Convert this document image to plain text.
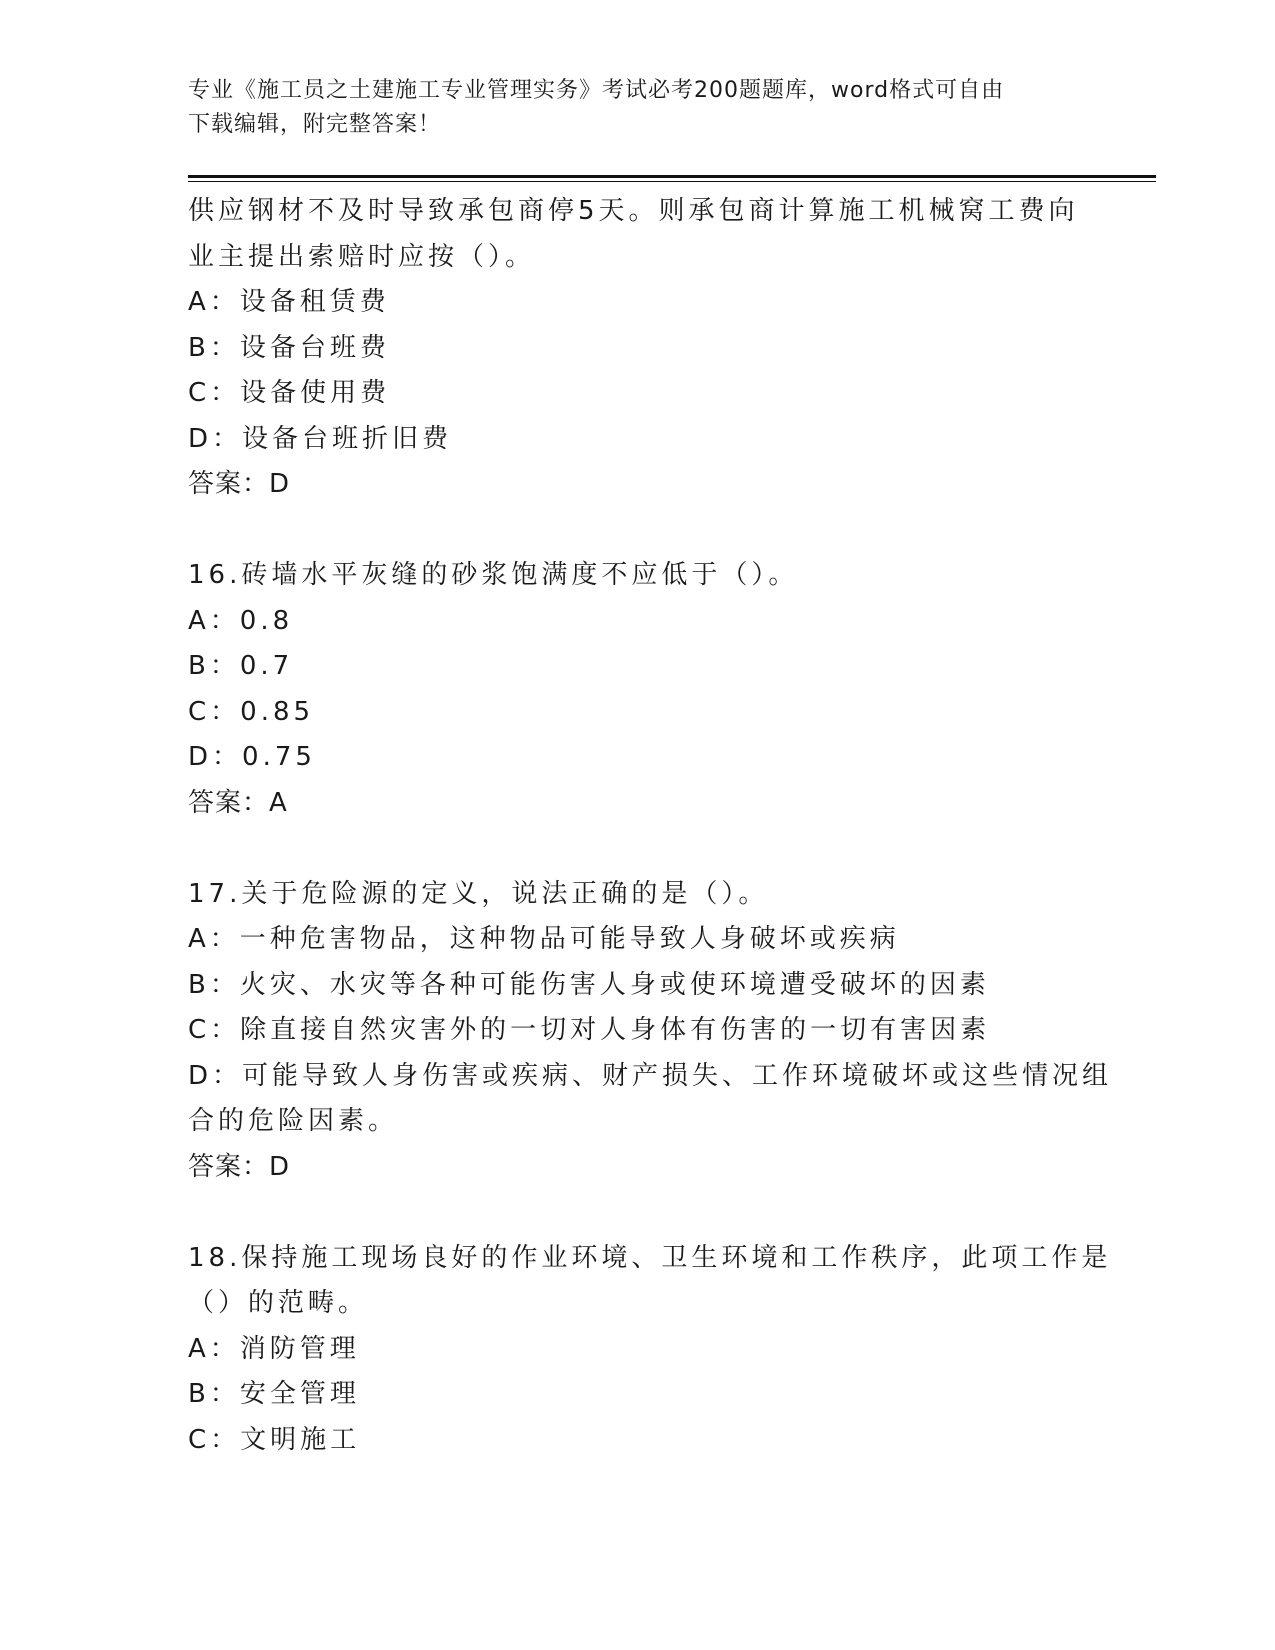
专业《施工员之土建施工专业管理实务》考试必考200题题库，word格式可自由
下载编辑，附完整答案！
供应钢材不及时导致承包商停5天。则承包商计算施工机械窝工费向
业主提出索赔时应按（）。
A：设备租赁费
B：设备台班费
C：设备使用费
D：设备台班折旧费
答案：D
16.砖墙水平灰缝的砂浆饱满度不应低于（）。
A：0.8
B：0.7
C：0.85
D：0.75
答案：A
17.关于危险源的定义，说法正确的是（）。
A：一种危害物品，这种物品可能导致人身破坏或疾病
B：火灾、水灾等各种可能伤害人身或使环境遭受破坏的因素
C：除直接自然灾害外的一切对人身体有伤害的一切有害因素
D：可能导致人身伤害或疾病、财产损失、工作环境破坏或这些情况组
合的危险因素。
答案：D
18.保持施工现场良好的作业环境、卫生环境和工作秩序，此项工作是
（）的范畴。
A：消防管理
B：安全管理
C：文明施工
